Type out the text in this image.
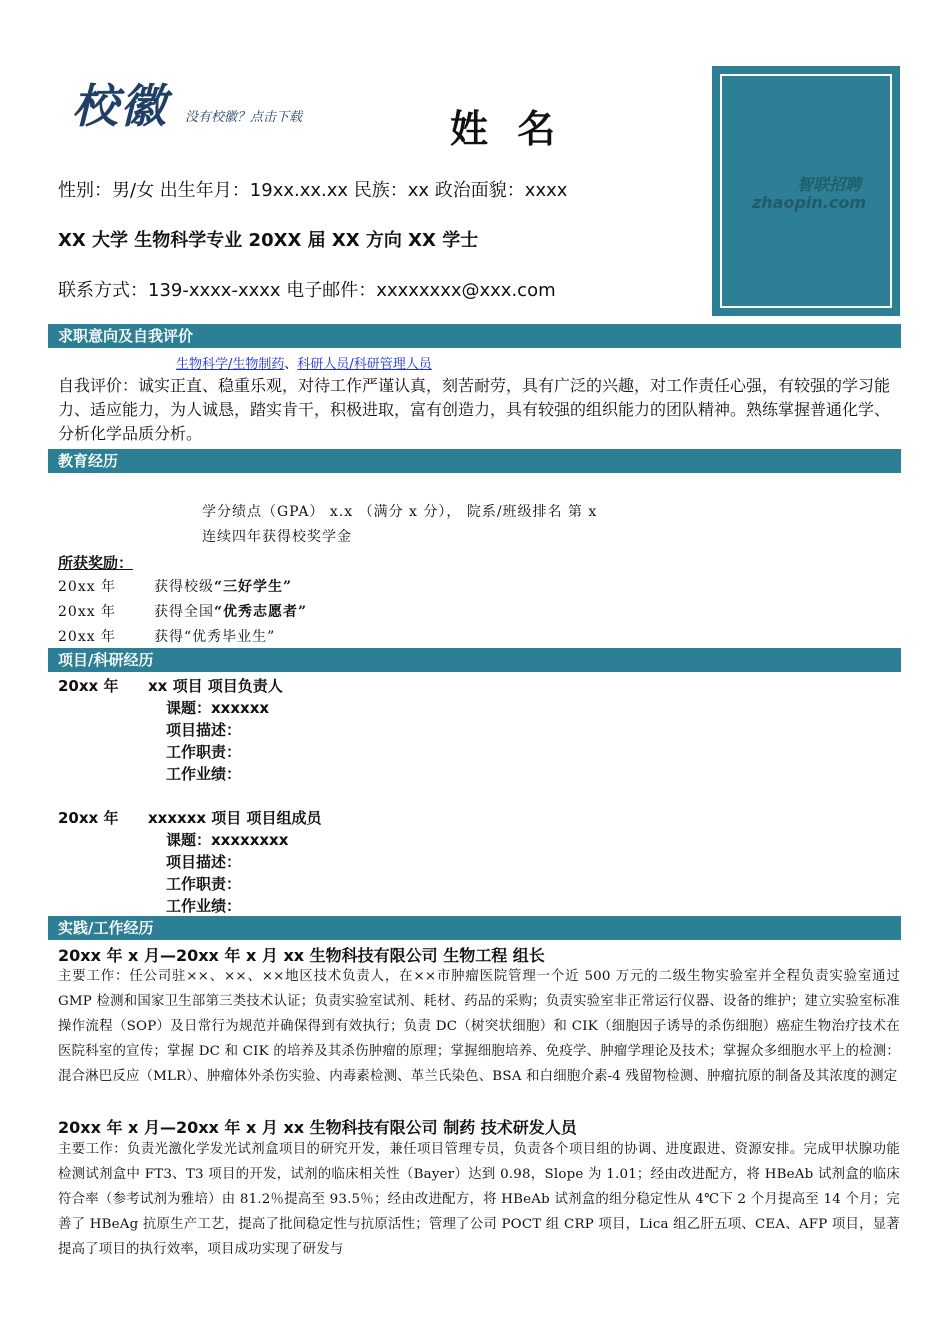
校徽 没有校徽？点击下载	姓 名
性别：男/女 出生年月：19xx.xx.xx 民族：xx 政治面貌：xxxx
XX 大学 生物科学专业 20XX 届 XX 方向 XX 学士
联系方式：139-xxxx-xxxx 电子邮件：xxxxxxxx@xxx.com
智联招聘
zhaopin.com
求职意向及自我评价
生物科学/生物制药、科研人员/科研管理人员
自我评价：诚实正直、稳重乐观，对待工作严谨认真，刻苦耐劳，具有广泛的兴趣，对工作责任心强，有较强的学习能力、适应能力，为人诚恳，踏实肯干，积极进取，富有创造力，具有较强的组织能力的团队精神。熟练掌握普通化学、分析化学品质分析。
教育经历
学分绩点（GPA） x.x （满分 x 分）， 院系/班级排名 第 x
连续四年获得校奖学金
所获奖励：
20xx 年	获得校级“三好学生”
20xx 年	获得全国“优秀志愿者”
20xx 年	获得“优秀毕业生”
项目/科研经历
20xx 年 xx 项目 项目负责人
课题：xxxxxx
项目描述：
工作职责：
工作业绩：
20xx 年 xxxxxx 项目 项目组成员
课题：xxxxxxxx
项目描述：
工作职责：
工作业绩：
实践/工作经历
20xx 年 x 月—20xx 年 x 月 xx 生物科技有限公司 生物工程 组长
主要工作：任公司驻××、××、××地区技术负责人，在××市肿瘤医院管理一个近 500 万元的二级生物实验室并全程负责实验室通过 GMP 检测和国家卫生部第三类技术认证；负责实验室试剂、耗材、药品的采购；负责实验室非正常运行仪器、设备的维护；建立实验室标准操作流程（SOP）及日常行为规范并确保得到有效执行；负责 DC（树突状细胞）和 CIK（细胞因子诱导的杀伤细胞）癌症生物治疗技术在医院科室的宣传；掌握 DC 和 CIK 的培养及其杀伤肿瘤的原理；掌握细胞培养、免疫学、肿瘤学理论及技术；掌握众多细胞水平上的检测：混合淋巴反应（MLR）、肿瘤体外杀伤实验、内毒素检测、革兰氏染色、BSA 和白细胞介素-4 残留物检测、肿瘤抗原的制备及其浓度的测定
20xx 年 x 月—20xx 年 x 月 xx 生物科技有限公司 制药 技术研发人员
主要工作：负责光激化学发光试剂盒项目的研究开发，兼任项目管理专员，负责各个项目组的协调、进度跟进、资源安排。完成甲状腺功能检测试剂盒中 FT3、T3 项目的开发，试剂的临床相关性（Bayer）达到 0.98，Slope 为 1.01；经由改进配方，将 HBeAb 试剂盒的临床符合率（参考试剂为雅培）由 81.2％提高至 93.5％；经由改进配方，将 HBeAb 试剂盒的组分稳定性从 4℃下 2 个月提高至 14 个月；完善了 HBeAg 抗原生产工艺，提高了批间稳定性与抗原活性；管理了公司 POCT 组 CRP 项目，Lica 组乙肝五项、CEA、AFP 项目，显著提高了项目的执行效率，项目成功实现了研发与
